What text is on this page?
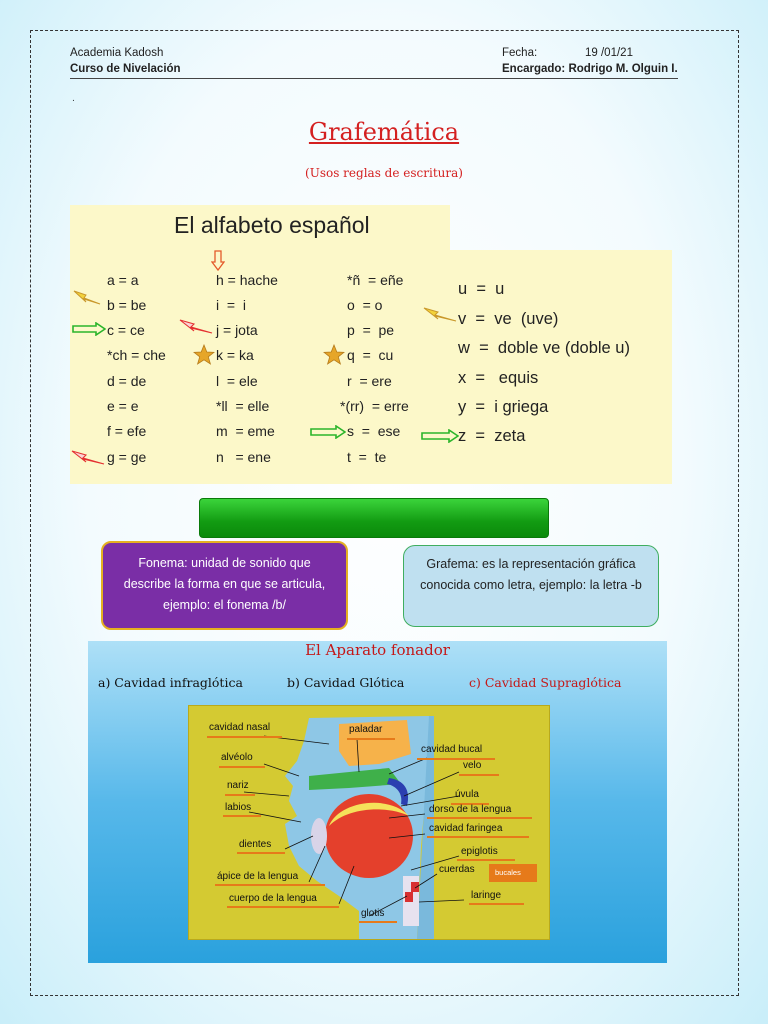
Academia Kadosh
Curso de Nivelación
Fecha:	19 /01/21
Encargado: Rodrigo M. Olguin I.
.
Grafemática
(Usos reglas de escritura)
El alfabeto español
a = a
b = be
c = ce
*ch = che
d = de
e = e
f = efe
g = ge
h = hache
i  =  i
j = jota
k = ka
l  = ele
*ll  = elle
m  = eme
n   = ene
*ñ  = eñe
o  = o
p  =  pe
q  =  cu
r  = ere
*(rr)  = erre
s  =  ese
t  =  te
u  =  u
v  =  ve  (uve)
w  =  doble ve (doble u)
x  =   equis
y  =  i griega
z  =  zeta
Fonema: unidad de sonido que describe la forma en que se articula, ejemplo: el fonema /b/
Grafema: es la representación gráfica conocida como letra, ejemplo: la letra -b
El Aparato fonador
a) Cavidad infraglótica	b) Cavidad Glótica	c) Cavidad Supraglótica
cavidad nasal	paladar
cavidad bucal
velo
alvéolo
úvula
nariz
dorso de la lengua
labios
cavidad faringea
dientes
epiglotis
cuerdas	bucales
ápice de la lengua
laringe
cuerpo de la lengua
glotis
